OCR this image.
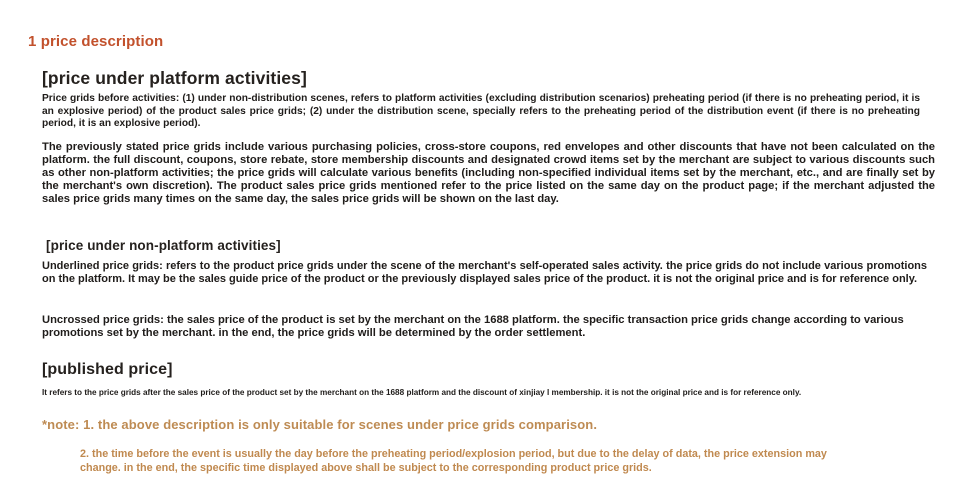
1 price description
[price under platform activities]
Price grids before activities: (1) under non-distribution scenes, refers to platform activities (excluding distribution scenarios) preheating period (if there is no preheating period, it is an explosive period) of the product sales price grids; (2) under the distribution scene, specially refers to the preheating period of the distribution event (if there is no preheating period, it is an explosive period).
The previously stated price grids include various purchasing policies, cross-store coupons, red envelopes and other discounts that have not been calculated on the platform. the full discount, coupons, store rebate, store membership discounts and designated crowd items set by the merchant are subject to various discounts such as other non-platform activities; the price grids will calculate various benefits (including non-specified individual items set by the merchant, etc., and are finally set by the merchant's own discretion). The product sales price grids mentioned refer to the price listed on the same day on the product page; if the merchant adjusted the sales price grids many times on the same day, the sales price grids will be shown on the last day.
[price under non-platform activities]
Underlined price grids: refers to the product price grids under the scene of the merchant's self-operated sales activity. the price grids do not include various promotions on the platform. It may be the sales guide price of the product or the previously displayed sales price of the product. it is not the original price and is for reference only.
Uncrossed price grids: the sales price of the product is set by the merchant on the 1688 platform. the specific transaction price grids change according to various promotions set by the merchant. in the end, the price grids will be determined by the order settlement.
[published price]
It refers to the price grids after the sales price of the product set by the merchant on the 1688 platform and the discount of xinjiay l membership. it is not the original price and is for reference only.
*note: 1. the above description is only suitable for scenes under price grids comparison.
2. the time before the event is usually the day before the preheating period/explosion period, but due to the delay of data, the price extension may change. in the end, the specific time displayed above shall be subject to the corresponding product price grids.
